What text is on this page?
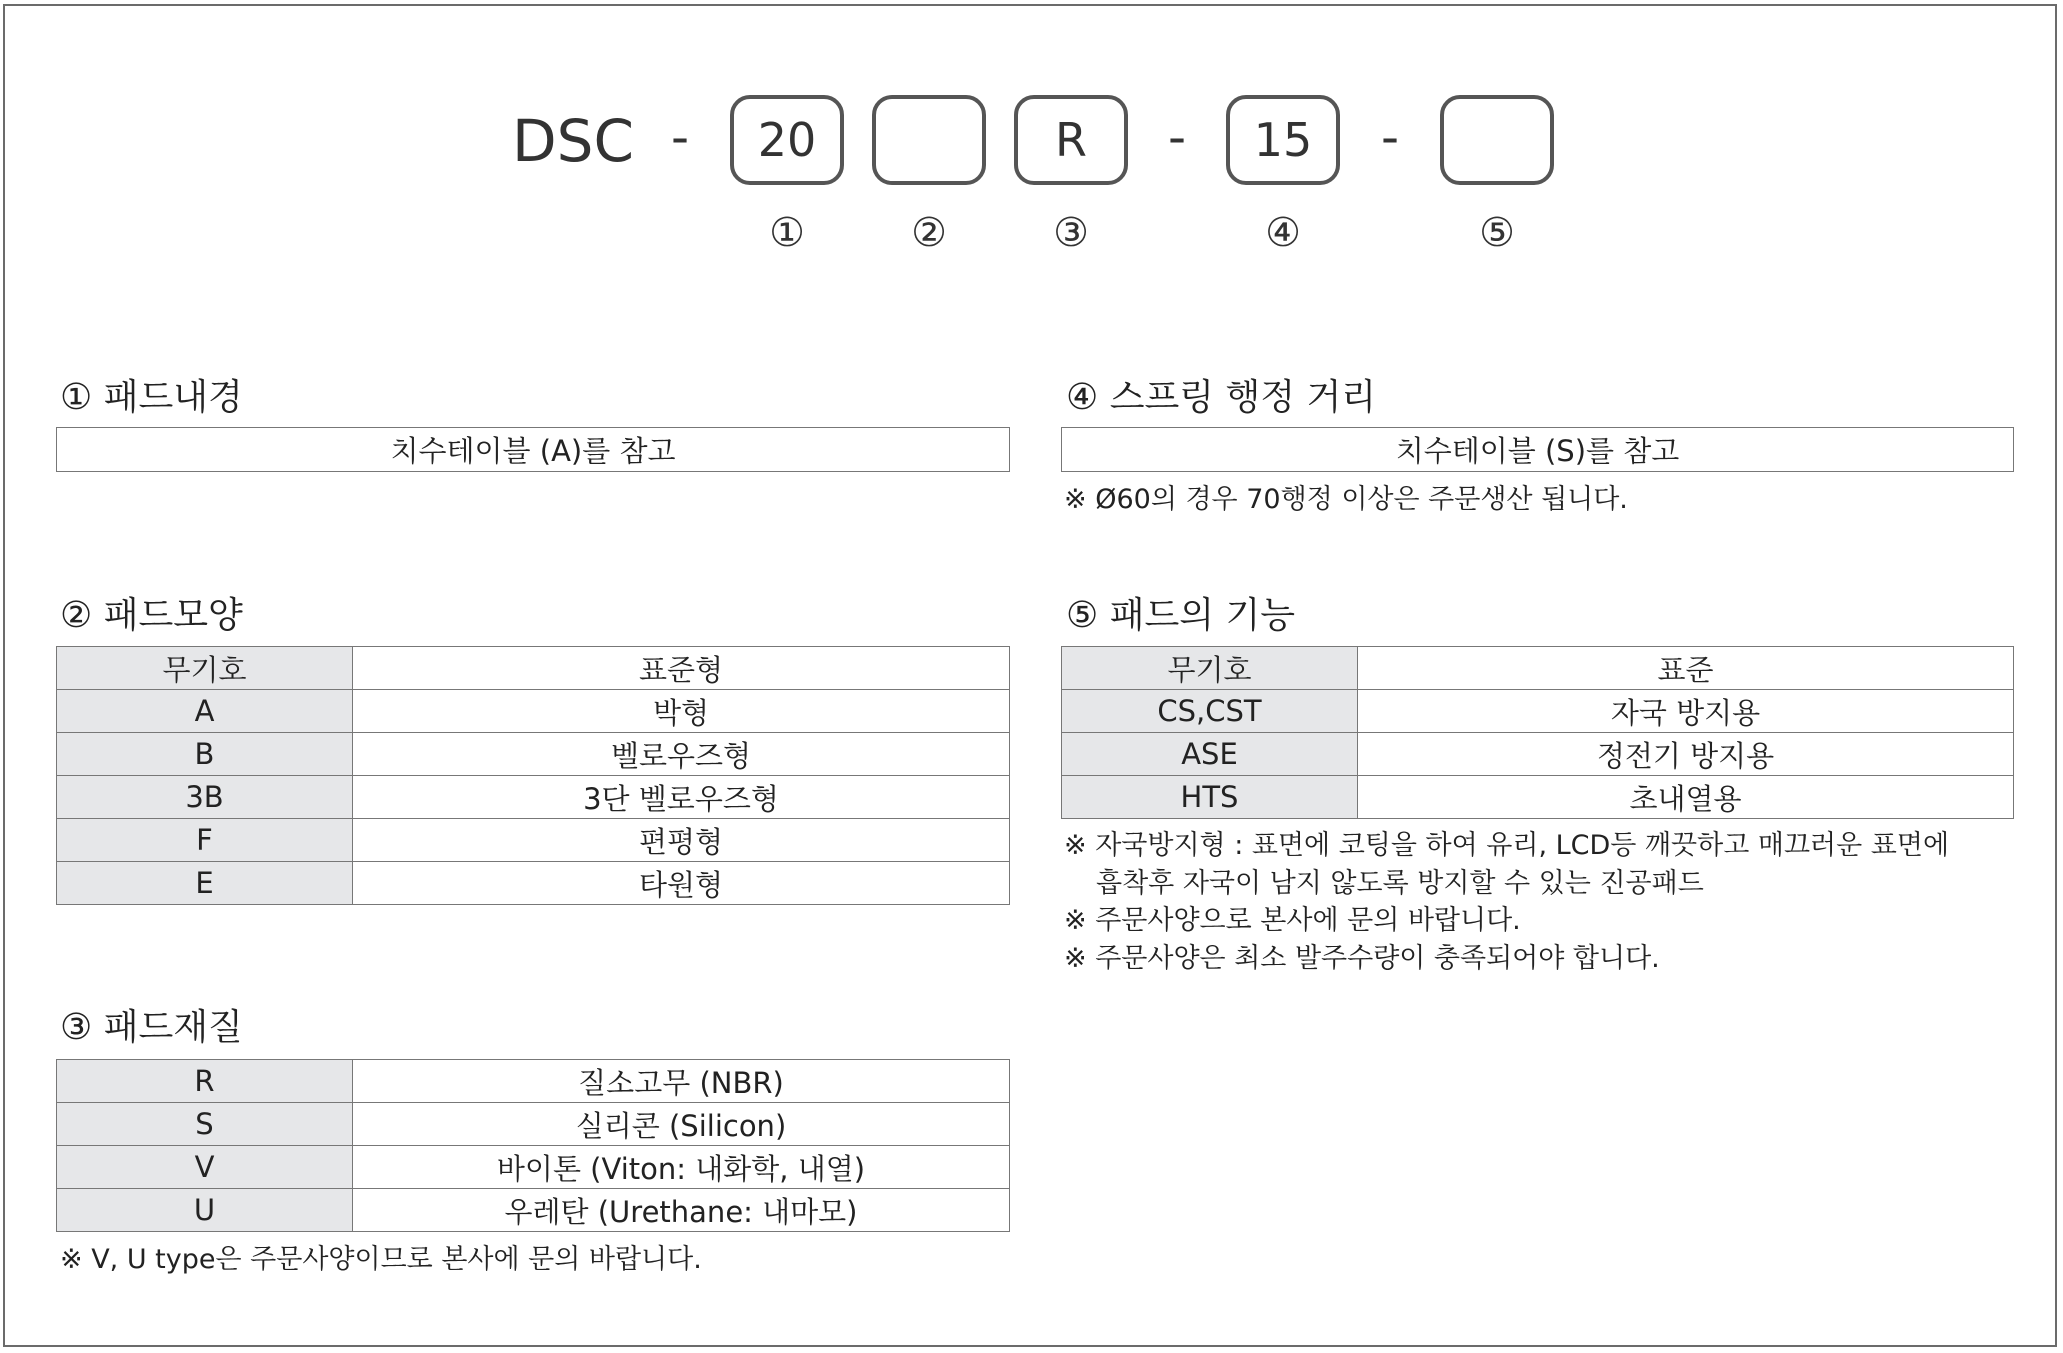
DSC -	20	R	-	15	-
①	②	③	④	⑤
① 패드내경
치수테이블 (A)를 참고
④ 스프링 행정 거리
치수테이블 (S)를 참고
※ Ø60의 경우 70행정 이상은 주문생산 됩니다.
② 패드모양
무기호	표준형
A	박형
B	벨로우즈형
3B	3단 벨로우즈형
F	편평형
E	타원형
⑤ 패드의 기능
무기호	표준
CS,CST	자국 방지용
ASE	정전기 방지용
HTS	초내열용
※ 자국방지형 : 표면에 코팅을 하여 유리, LCD등 깨끗하고 매끄러운 표면에
흡착후 자국이 남지 않도록 방지할 수 있는 진공패드
※ 주문사양으로 본사에 문의 바랍니다.
※ 주문사양은 최소 발주수량이 충족되어야 합니다.
③ 패드재질
R	질소고무 (NBR)
S	실리콘 (Silicon)
V	바이톤 (Viton: 내화학, 내열)
U	우레탄 (Urethane: 내마모)
※ V, U type은 주문사양이므로 본사에 문의 바랍니다.
